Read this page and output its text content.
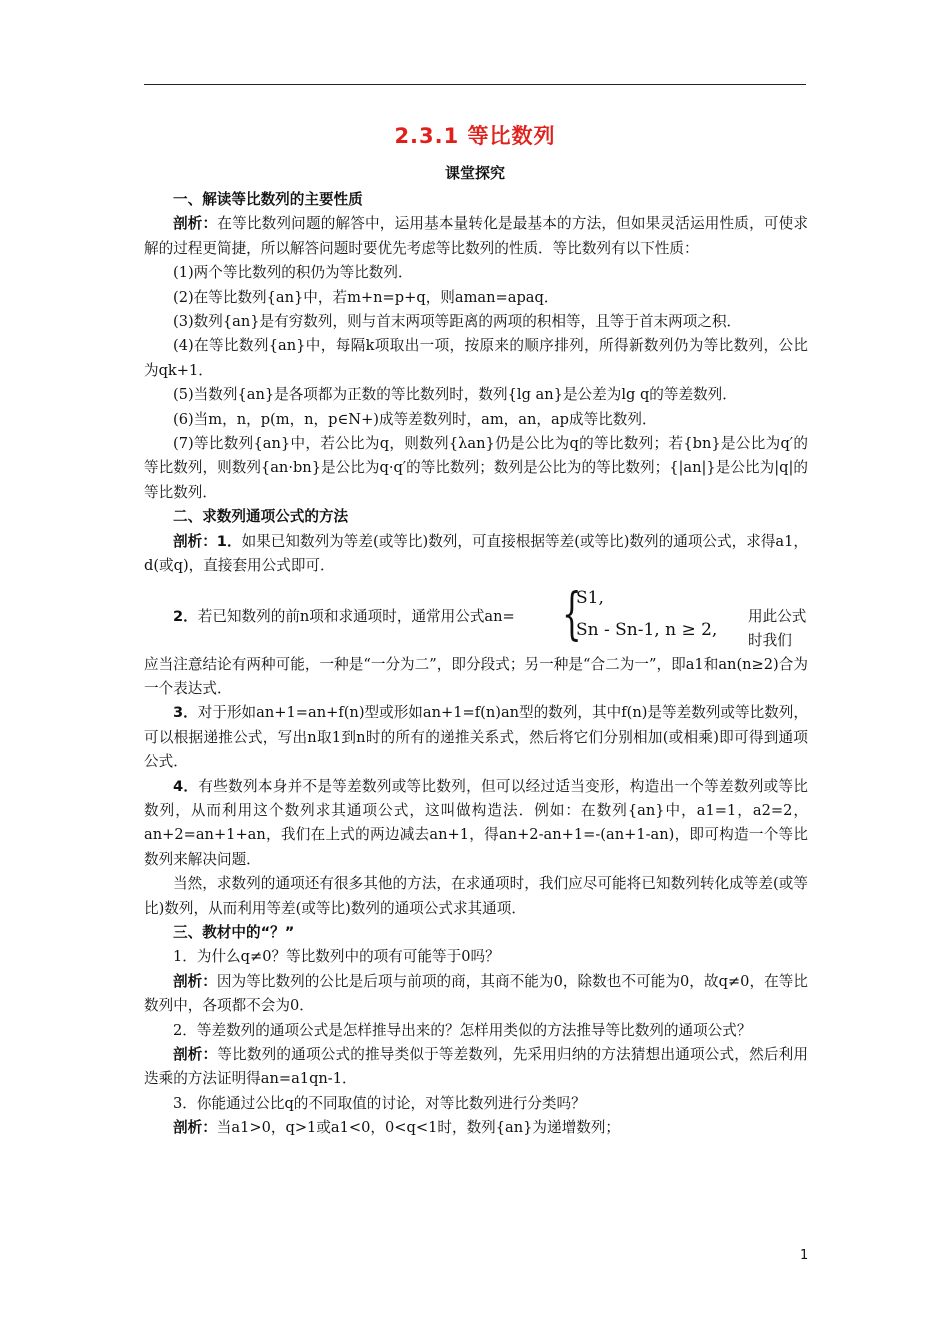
2.3.1 等比数列
课堂探究

一、解读等比数列的主要性质

剖析：在等比数列问题的解答中，运用基本量转化是最基本的方法，但如果灵活运用性质，可使求解的过程更简捷，所以解答问题时要优先考虑等比数列的性质．等比数列有以下性质：

(1)两个等比数列的积仍为等比数列．

(2)在等比数列{an}中，若m+n=p+q，则aman=apaq．

(3)数列{an}是有穷数列，则与首末两项等距离的两项的积相等，且等于首末两项之积．

(4)在等比数列{an}中，每隔k项取出一项，按原来的顺序排列，所得新数列仍为等比数列，公比为qk+1．

(5)当数列{an}是各项都为正数的等比数列时，数列{lg an}是公差为lg q的等差数列．

(6)当m，n，p(m，n，p∈N+)成等差数列时，am，an，ap成等比数列．

(7)等比数列{an}中，若公比为q，则数列{λan}仍是公比为q的等比数列；若{bn}是公比为q′的等比数列，则数列{an·bn}是公比为q·q′的等比数列；数列是公比为的等比数列；{|an|}是公比为|q|的等比数列．

二、求数列通项公式的方法

剖析：1．如果已知数列为等差(或等比)数列，可直接根据等差(或等比)数列的通项公式，求得a1，d(或q)，直接套用公式即可．

2．若已知数列的前n项和求通项时，通常用公式an= {
S1,
Sn - Sn-1, n ≥ 2,
用此公式时我们

应当注意结论有两种可能，一种是“一分为二”，即分段式；另一种是“合二为一”，即a1和an(n≥2)合为一个表达式．

3．对于形如an+1=an+f(n)型或形如an+1=f(n)an型的数列，其中f(n)是等差数列或等比数列，可以根据递推公式，写出n取1到n时的所有的递推关系式，然后将它们分别相加(或相乘)即可得到通项公式．

4．有些数列本身并不是等差数列或等比数列，但可以经过适当变形，构造出一个等差数列或等比数列，从而利用这个数列求其通项公式，这叫做构造法．例如：在数列{an}中，a1=1，a2=2，an+2=an+1+an，我们在上式的两边减去an+1，得an+2-an+1=-(an+1-an)，即可构造一个等比数列来解决问题．

当然，求数列的通项还有很多其他的方法，在求通项时，我们应尽可能将已知数列转化成等差(或等比)数列，从而利用等差(或等比)数列的通项公式求其通项．

三、教材中的“？”

1．为什么q≠0？等比数列中的项有可能等于0吗？

剖析：因为等比数列的公比是后项与前项的商，其商不能为0，除数也不可能为0，故q≠0，在等比数列中，各项都不会为0．

2．等差数列的通项公式是怎样推导出来的？怎样用类似的方法推导等比数列的通项公式？

剖析：等比数列的通项公式的推导类似于等差数列，先采用归纳的方法猜想出通项公式，然后利用迭乘的方法证明得an=a1qn-1．

3．你能通过公比q的不同取值的讨论，对等比数列进行分类吗？

剖析：当a1>0，q>1或a1<0，0<q<1时，数列{an}为递增数列；

1
